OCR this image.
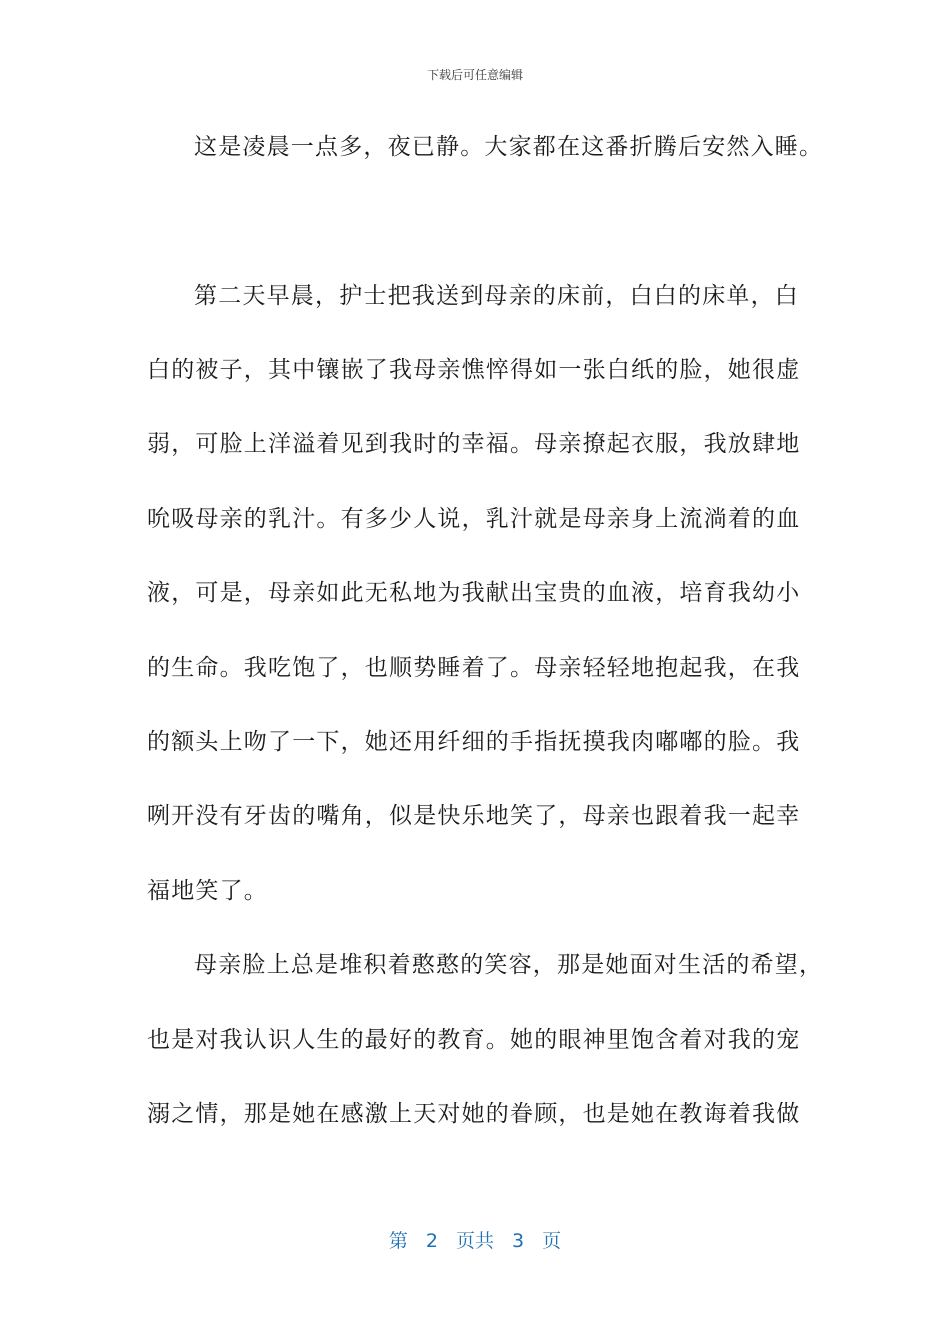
下载后可任意编辑
这是凌晨一点多，夜已静。大家都在这番折腾后安然入睡。
第二天早晨，护士把我送到母亲的床前，白白的床单，白
白的被子，其中镶嵌了我母亲憔悴得如一张白纸的脸，她很虚
弱，可脸上洋溢着见到我时的幸福。母亲撩起衣服，我放肆地
吮吸母亲的乳汁。有多少人说，乳汁就是母亲身上流淌着的血
液，可是，母亲如此无私地为我献出宝贵的血液，培育我幼小
的生命。我吃饱了，也顺势睡着了。母亲轻轻地抱起我，在我
的额头上吻了一下，她还用纤细的手指抚摸我肉嘟嘟的脸。我
咧开没有牙齿的嘴角，似是快乐地笑了，母亲也跟着我一起幸
福地笑了。
母亲脸上总是堆积着憨憨的笑容，那是她面对生活的希望，
也是对我认识人生的最好的教育。她的眼神里饱含着对我的宠
溺之情，那是她在感激上天对她的眷顾，也是她在教诲着我做
第 2 页共 3 页
